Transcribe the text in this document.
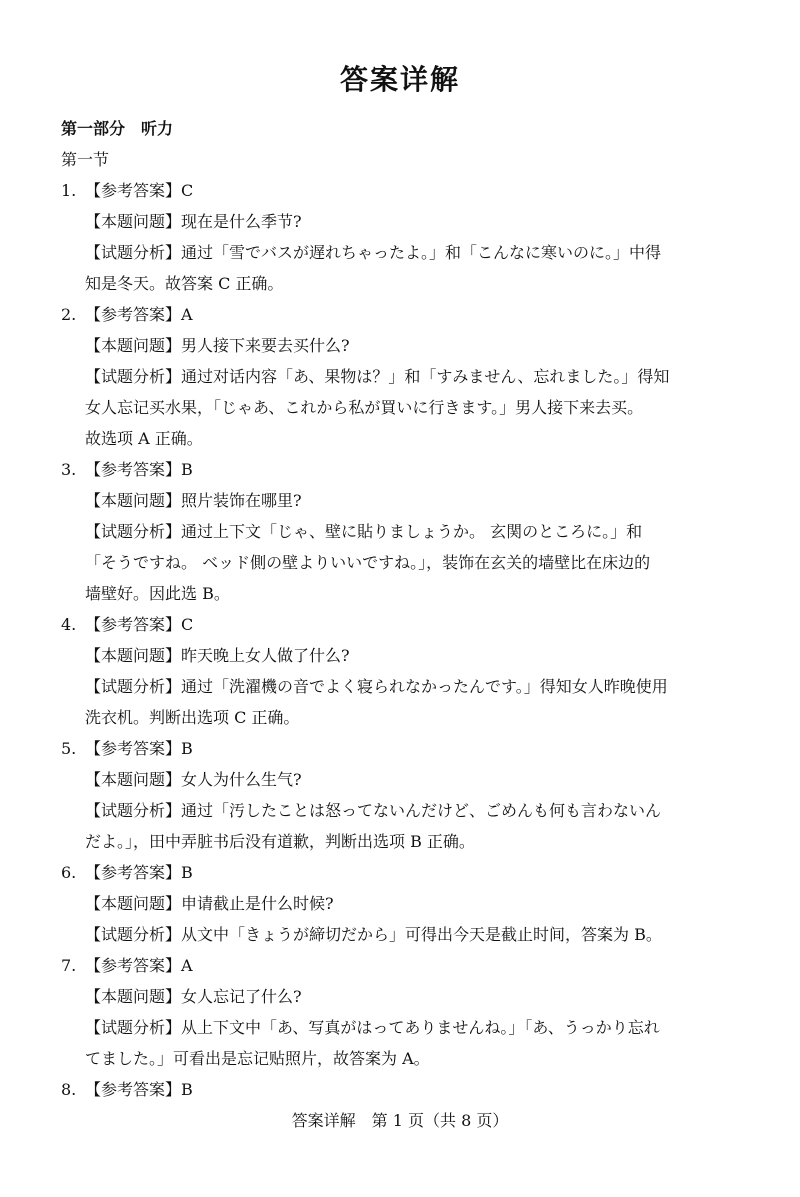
答案详解
第一部分　听力
第一节
1. 【参考答案】C
【本题问题】现在是什么季节?
【试题分析】通过「雪でバスが遅れちゃったよ。」和「こんなに寒いのに。」中得
知是冬天。故答案 C 正确。
2. 【参考答案】A
【本题问题】男人接下来要去买什么?
【试题分析】通过对话内容「あ、果物は？」和「すみません、忘れました。」得知
女人忘记买水果，「じゃあ、これから私が買いに行きます。」男人接下来去买。
故选项 A 正确。
3. 【参考答案】B
【本题问题】照片装饰在哪里?
【试题分析】通过上下文「じゃ、壁に貼りましょうか。 玄関のところに。」和
「そうですね。 ベッド側の壁よりいいですね。」，装饰在玄关的墙壁比在床边的
墙壁好。因此选 B。
4. 【参考答案】C
【本题问题】昨天晚上女人做了什么?
【试题分析】通过「洗濯機の音でよく寝られなかったんです。」得知女人昨晚使用
洗衣机。判断出选项 C 正确。
5. 【参考答案】B
【本题问题】女人为什么生气?
【试题分析】通过「汚したことは怒ってないんだけど、ごめんも何も言わないん
だよ。」，田中弄脏书后没有道歉，判断出选项 B 正确。
6. 【参考答案】B
【本题问题】申请截止是什么时候?
【试题分析】从文中「きょうが締切だから」可得出今天是截止时间，答案为 B。
7. 【参考答案】A
【本题问题】女人忘记了什么?
【试题分析】从上下文中「あ、写真がはってありませんね。」「あ、うっかり忘れ
てました。」可看出是忘记贴照片，故答案为 A。
8. 【参考答案】B
答案详解　第 1 页（共 8 页）
